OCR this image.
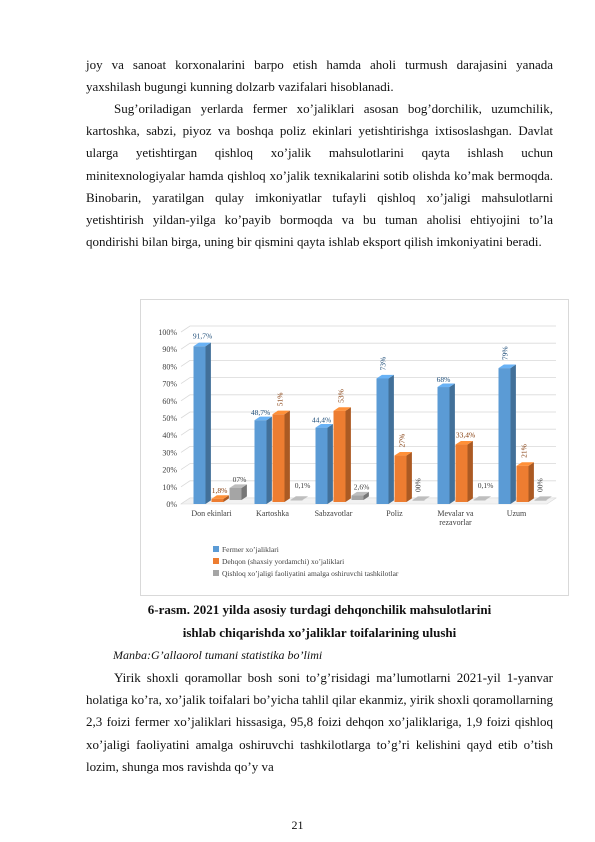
joy va sanoat korxonalarini barpo etish hamda aholi turmush darajasini yanada yaxshilash bugungi kunning dolzarb vazifalari hisoblanadi.

Sug’oriladigan yerlarda fermer xo’jaliklari asosan bog’dorchilik, uzumchilik, kartoshka, sabzi, piyoz va boshqa poliz ekinlari yetishtirishga ixtisoslashgan. Davlat ularga yetishtirgan qishloq xo’jalik mahsulotlarini qayta ishlash uchun minitexnologiyalar hamda qishloq xo’jalik texnikalarini sotib olishda ko’mak bermoqda. Binobarin, yaratilgan qulay imkoniyatlar tufayli qishloq xo’jaligi mahsulotlarni yetishtirish yildan-yilga ko’payib bormoqda va bu tuman aholisi ehtiyojini to’la qondirishi bilan birga, uning bir qismini qayta ishlab eksport qilish imkoniyatini beradi.

0%
10%
20%
30%
40%
50%
60%
70%
80%
90%
100% 91,7%
1,8%
07%
Don ekinlari
48,7%
51%
0,1%
Kartoshka
44,4%
53%
2,6%
Sabzavotlar
73%
27%
00%
Poliz
68%
33,4%
0,1%
Mevalar va
rezavorlar
79%
21%
00%
Uzum
Fermer xo’jaliklari
Dehqon (shaxsiy yordamchi) xo’jaliklari
Qishloq xo’jaligi faoliyatini amalga oshiruvchi tashkilotlar

6-rasm. 2021 yilda asosiy turdagi dehqonchilik mahsulotlarini

ishlab chiqarishda xo’jaliklar toifalarining ulushi

Manba:G’allaorol tumani statistika bo’limi

Yirik shoxli qoramollar bosh soni to’g’risidagi ma’lumotlarni 2021-yil 1-yanvar holatiga ko’ra, xo’jalik toifalari bo’yicha tahlil qilar ekanmiz, yirik shoxli qoramollarning 2,3 foizi fermer xo’jaliklari hissasiga, 95,8 foizi dehqon xo’jaliklariga, 1,9 foizi qishloq xo’jaligi faoliyatini amalga oshiruvchi tashkilotlarga to’g’ri kelishini qayd etib o’tish lozim, shunga mos ravishda qo’y va

21
